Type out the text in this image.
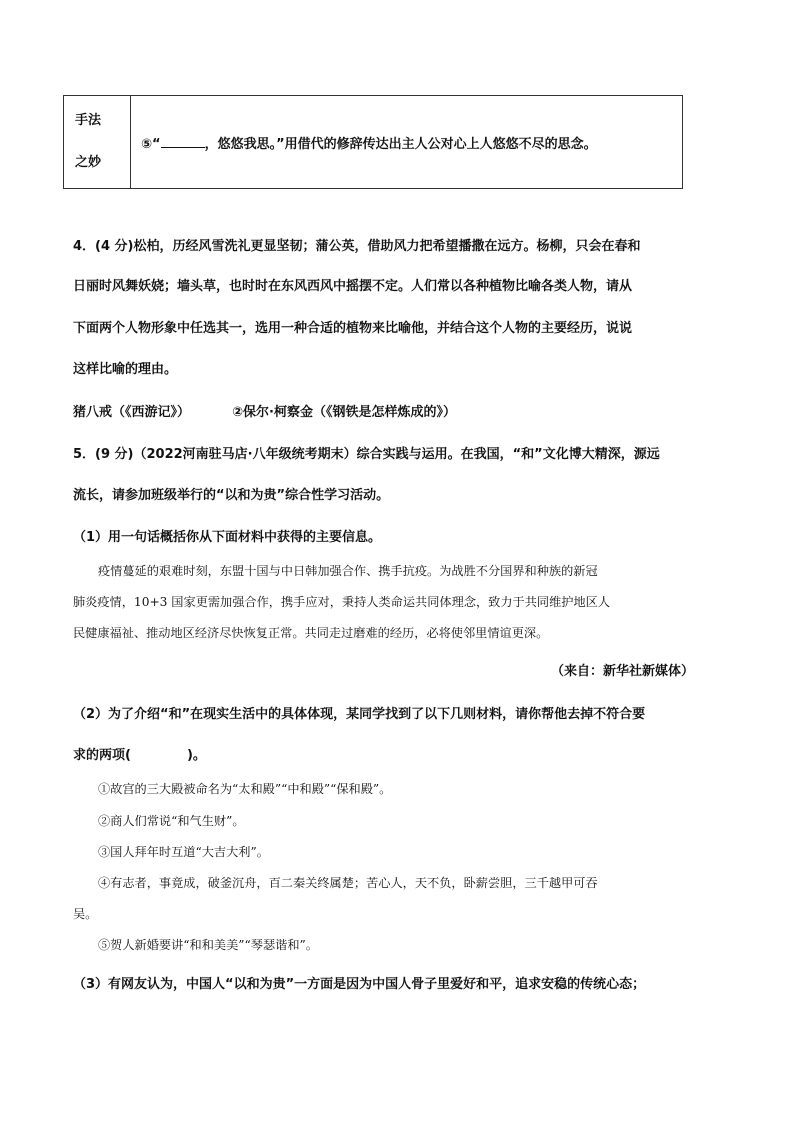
手法
之妙
	⑤“	，悠悠我思。”用借代的修辞传达出主人公对心上人悠悠不尽的思念。
4．(4 分)松柏，历经风雪洗礼更显坚韧；蒲公英，借助风力把希望播撒在远方。杨柳，只会在春和
日丽时风舞妖娆；墙头草，也时时在东风西风中摇摆不定。人们常以各种植物比喻各类人物，请从
下面两个人物形象中任选其一，选用一种合适的植物来比喻他，并结合这个人物的主要经历，说说
这样比喻的理由。
猪八戒（《西游记》）	②保尔·柯察金（《钢铁是怎样炼成的》）
5．(9 分)（2022河南驻马店·八年级统考期末）综合实践与运用。在我国，“和”文化博大精深，源远
流长，请参加班级举行的“以和为贵”综合性学习活动。
（1）用一句话概括你从下面材料中获得的主要信息。
疫情蔓延的艰难时刻，东盟十国与中日韩加强合作、携手抗疫。为战胜不分国界和种族的新冠
肺炎疫情，10+3 国家更需加强合作，携手应对，秉持人类命运共同体理念，致力于共同维护地区人
民健康福祉、推动地区经济尽快恢复正常。共同走过磨难的经历，必将使邻里情谊更深。
（来自：新华社新媒体）
（2）为了介绍“和”在现实生活中的具体体现，某同学找到了以下几则材料，请你帮他去掉不符合要
求的两项(	)。
①故宫的三大殿被命名为“太和殿”“中和殿”“保和殿”。
②商人们常说“和气生财”。
③国人拜年时互道“大吉大利”。
④有志者，事竟成，破釜沉舟，百二秦关终属楚；苦心人，天不负，卧薪尝胆，三千越甲可吞
吴。
⑤贺人新婚要讲“和和美美”“琴瑟谐和”。
（3）有网友认为，中国人“以和为贵”一方面是因为中国人骨子里爱好和平，追求安稳的传统心态；
